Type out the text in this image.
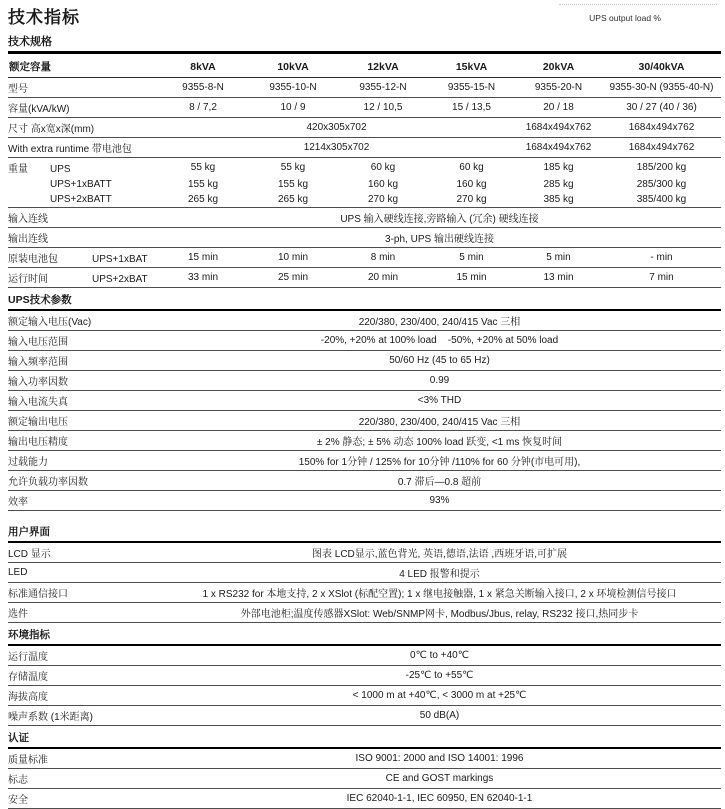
UPS output load %
技术指标
技术规格
额定容量	8kVA	10kVA	12kVA	15kVA	20kVA	30/40kVA
型号	9355-8-N	9355-10-N	9355-12-N	9355-15-N	9355-20-N	9355-30-N (9355-40-N)
容量(kVA/kW)	8 / 7,2	10 / 9	12 / 10,5	15 / 13,5	20 / 18	30 / 27 (40 / 36)
尺寸 高x宽x深(mm)	420x305x702				1684x494x762	1684x494x762
With extra runtime 带电池包	1214x305x702				1684x494x762	1684x494x762
重量 UPS	55 kg	55 kg	60 kg	60 kg	185 kg	185/200 kg
UPS+1xBATT	155 kg	155 kg	160 kg	160 kg	285 kg	285/300 kg
UPS+2xBATT	265 kg	265 kg	270 kg	270 kg	385 kg	385/400 kg
输入连线	UPS 输入硬线连接,旁路输入 (冗余) 硬线连接					
输出连线	3-ph, UPS 输出硬线连接					
原装电池包 UPS+1xBAT	15 min	10 min	8 min	5 min	5 min	- min
运行时间 UPS+2xBAT	33 min	25 min	20 min	15 min	13 min	7 min
UPS技术参数						
额定输入电压(Vac)	220/380, 230/400, 240/415 Vac 三相					
输入电压范围	-20%, +20% at 100% load    -50%, +20% at 50% load					
输入频率范围	50/60 Hz (45 to 65 Hz)					
输入功率因数	0.99					
输入电流失真	<3% THD					
额定输出电压	220/380, 230/400, 240/415 Vac 三相					
输出电压精度	± 2% 静态; ± 5% 动态 100% load 跃变, <1 ms 恢复时间					
过载能力	150% for 1分钟 / 125% for 10分钟 /110% for 60 分钟(市电可用),					
允许负载功率因数	0.7 滞后—0.8 超前					
效率	93%					
用户界面						
LCD 显示	图表 LCD显示,蓝色背光, 英语,德语,法语 ,西班牙语,可扩展					
LED	4 LED 报警和提示					
标准通信接口	1 x RS232 for 本地支持, 2 x XSlot (标配空置); 1 x 继电接触器, 1 x 紧急关断输入接口, 2 x 环境检测信号接口					
选件	外部电池柜;温度传感器XSlot: Web/SNMP网卡, Modbus/Jbus, relay, RS232 接口,热同步卡					
环境指标						
运行温度	0℃ to +40℃					
存储温度	-25℃ to +55℃					
海拔高度	< 1000 m at +40℃, < 3000 m at +25℃					
噪声系数 (1米距离)	50 dB(A)					
认证						
质量标准	ISO 9001: 2000 and ISO 14001: 1996					
标志	CE and GOST markings					
安全	IEC 62040-1-1, IEC 60950, EN 62040-1-1					
